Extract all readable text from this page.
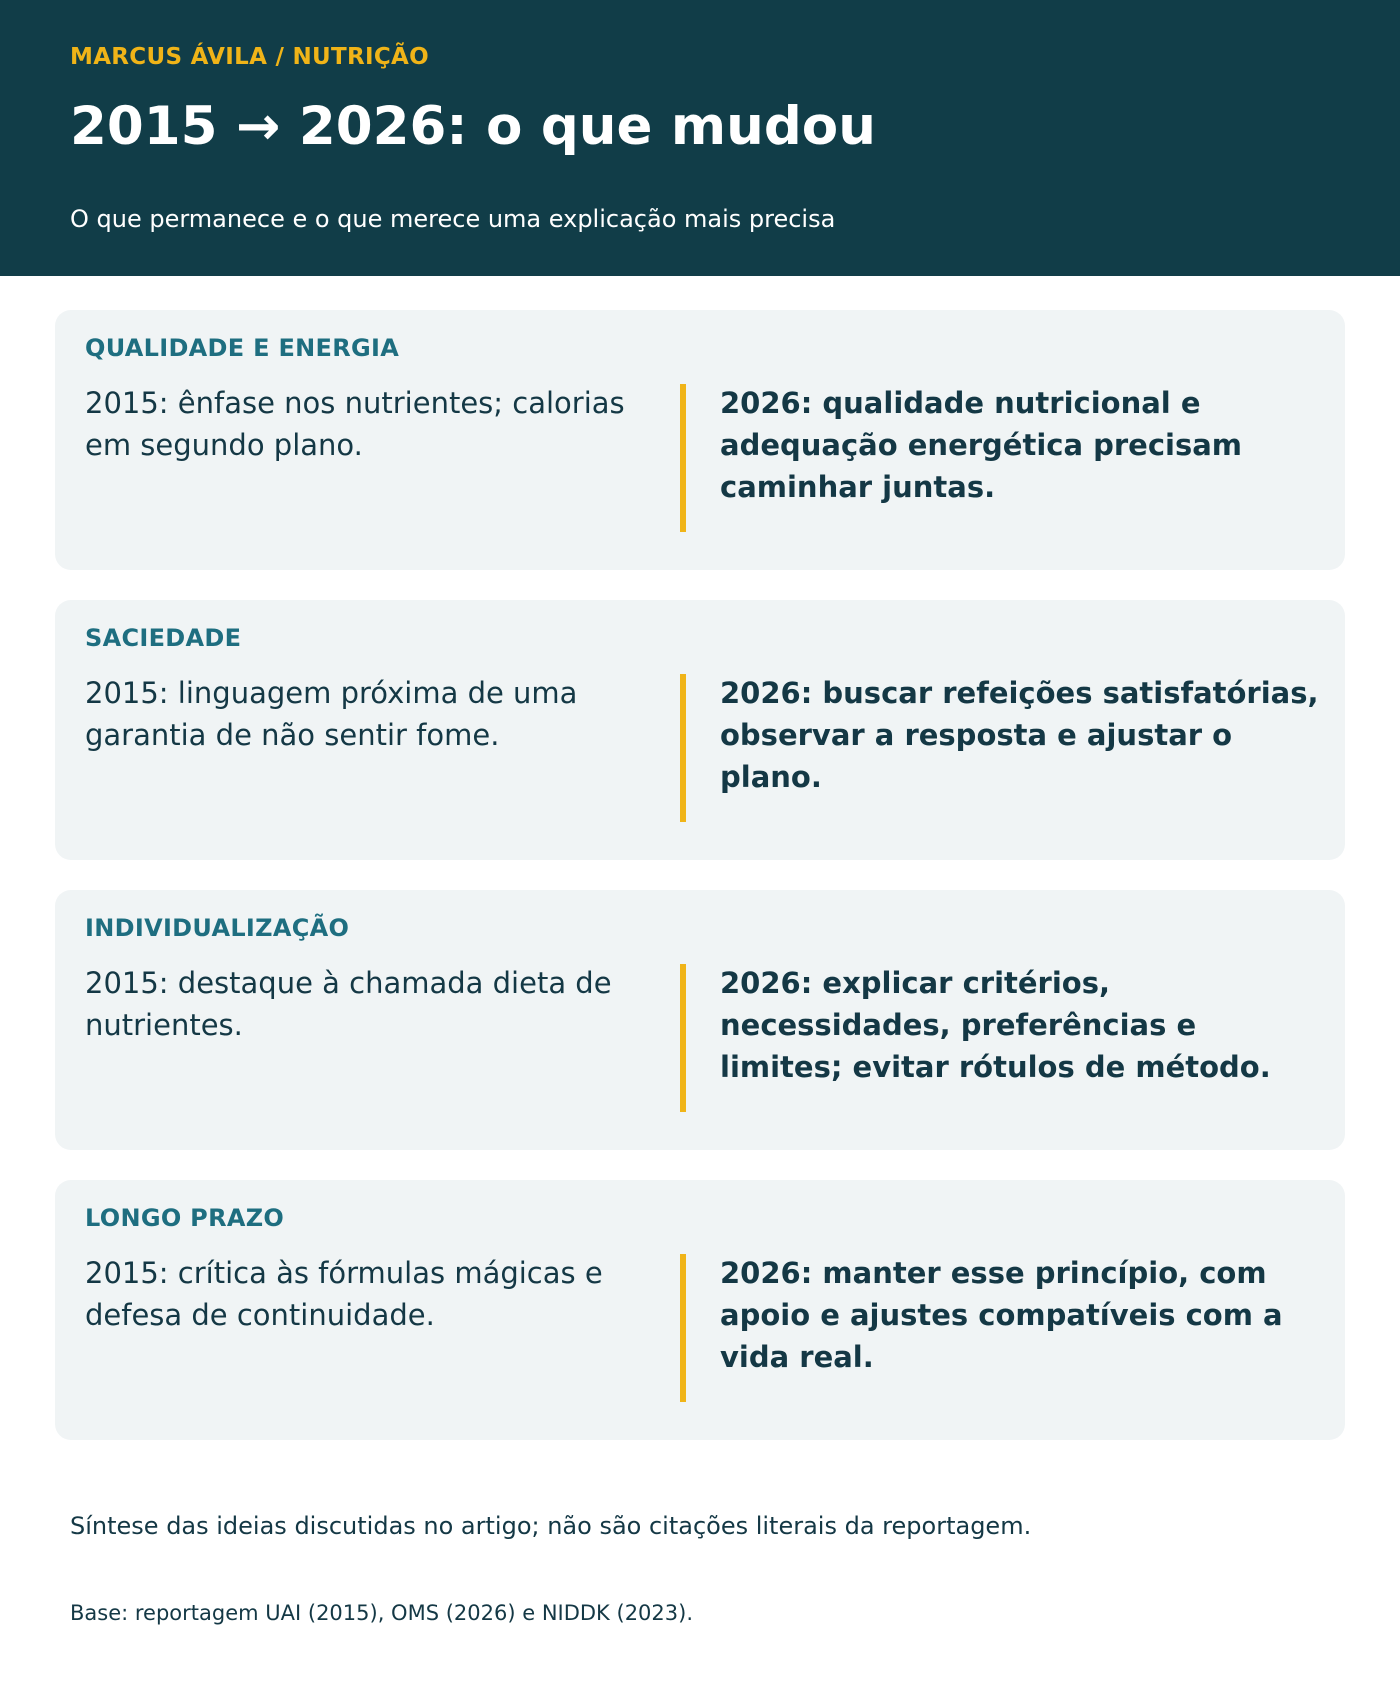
MARCUS ÁVILA / NUTRIÇÃO
2015 → 2026: o que mudou
O que permanece e o que merece uma explicação mais precisa
QUALIDADE E ENERGIA
2015: ênfase nos nutrientes; calorias em segundo plano.
2026: qualidade nutricional e adequação energética precisam caminhar juntas.
SACIEDADE
2015: linguagem próxima de uma garantia de não sentir fome.
2026: buscar refeições satisfatórias, observar a resposta e ajustar o plano.
INDIVIDUALIZAÇÃO
2015: destaque à chamada dieta de nutrientes.
2026: explicar critérios, necessidades, preferências e limites; evitar rótulos de método.
LONGO PRAZO
2015: crítica às fórmulas mágicas e defesa de continuidade.
2026: manter esse princípio, com apoio e ajustes compatíveis com a vida real.
Síntese das ideias discutidas no artigo; não são citações literais da reportagem.
Base: reportagem UAI (2015), OMS (2026) e NIDDK (2023).
